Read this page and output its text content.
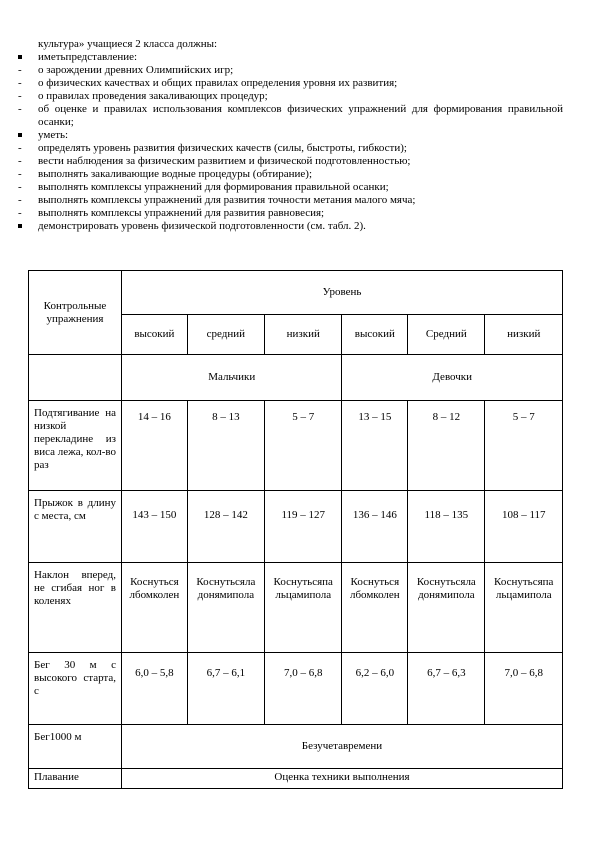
культура» учащиеся 2 класса должны:
иметьпредставление:
-	о зарождении древних Олимпийских игр;
-	о физических качествах и общих правилах определения уровня их развития;
-	о правилах проведения закаливающих процедур;
-	об оценке и правилах использования комплексов физических упражнений для формирования правильной осанки;
уметь:
-	определять уровень развития физических качеств (силы, быстроты, гибкости);
-	вести наблюдения за физическим развитием и физической подготовленностью;
-	выполнять закаливающие водные процедуры (обтирание);
-	выполнять комплексы упражнений для формирования правильной осанки;
-	выполнять комплексы упражнений для развития точности метания малого мяча;
-	выполнять комплексы упражнений для развития равновесия;
демонстрировать уровень физической подготовленности (см. табл. 2).
Контрольные упражнения	Уровень					
	высокий	средний	низкий	высокий	Средний	низкий
	Мальчики			Девочки		
Подтягивание на низкой перекладине из виса лежа, кол-во раз	14 – 16	8 – 13	5 – 7	13 – 15	8 – 12	5 – 7
Прыжок в длину с места, см	143 – 150	128 – 142	119 – 127	136 – 146	118 – 135	108 – 117
Наклон вперед, не сгибая ног в коленях	Коснуться лбомколен	Коснутьсяла донямипола	Коснутьсяпа льцамипола	Коснуться лбомколен	Коснутьсяла донямипола	Коснутьсяпа льцамипола
Бег 30 м с высокого старта, с	6,0 – 5,8	6,7 – 6,1	7,0 – 6,8	6,2 – 6,0	6,7 – 6,3	7,0 – 6,8
Бег1000 м	Безучетавремени					
Плавание	Оценка техники выполнения					
